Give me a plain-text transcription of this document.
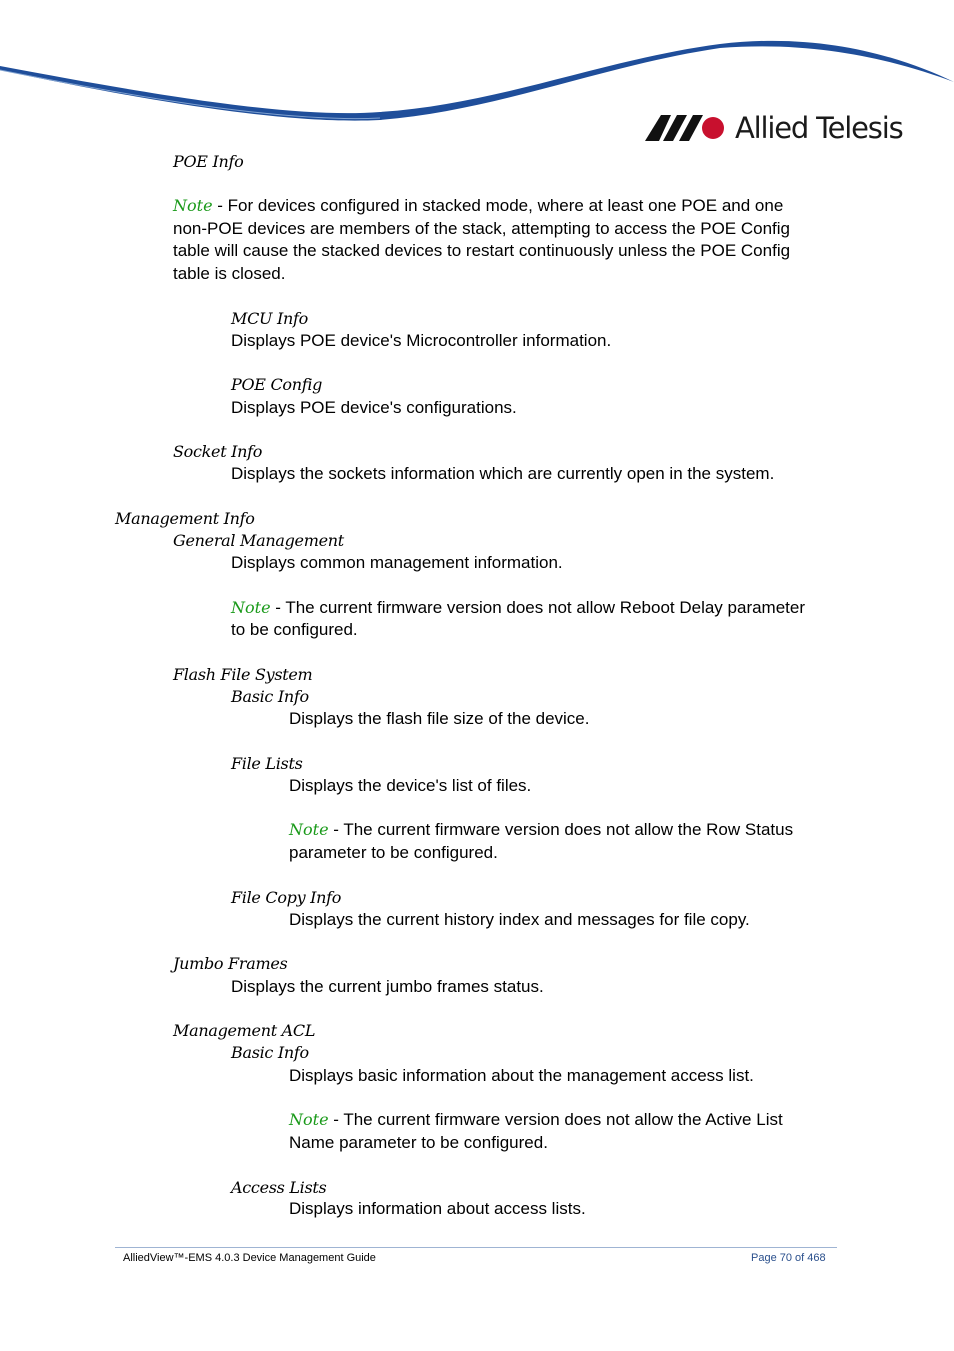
Allied Telesis
POE Info
Note - For devices configured in stacked mode, where at least one POE and one
non-POE devices are members of the stack, attempting to access the POE Config
table will cause the stacked devices to restart continuously unless the POE Config
table is closed.
MCU Info
Displays POE device's Microcontroller information.
POE Config
Displays POE device's configurations.
Socket Info
Displays the sockets information which are currently open in the system.
Management Info
General Management
Displays common management information.
Note - The current firmware version does not allow Reboot Delay parameter
to be configured.
Flash File System
Basic Info
Displays the flash file size of the device.
File Lists
Displays the device's list of files.
Note - The current firmware version does not allow the Row Status
parameter to be configured.
File Copy Info
Displays the current history index and messages for file copy.
Jumbo Frames
Displays the current jumbo frames status.
Management ACL
Basic Info
Displays basic information about the management access list.
Note - The current firmware version does not allow the Active List
Name parameter to be configured.
Access Lists
Displays information about access lists.
AlliedView™-EMS 4.0.3 Device Management Guide	Page 70 of 468
